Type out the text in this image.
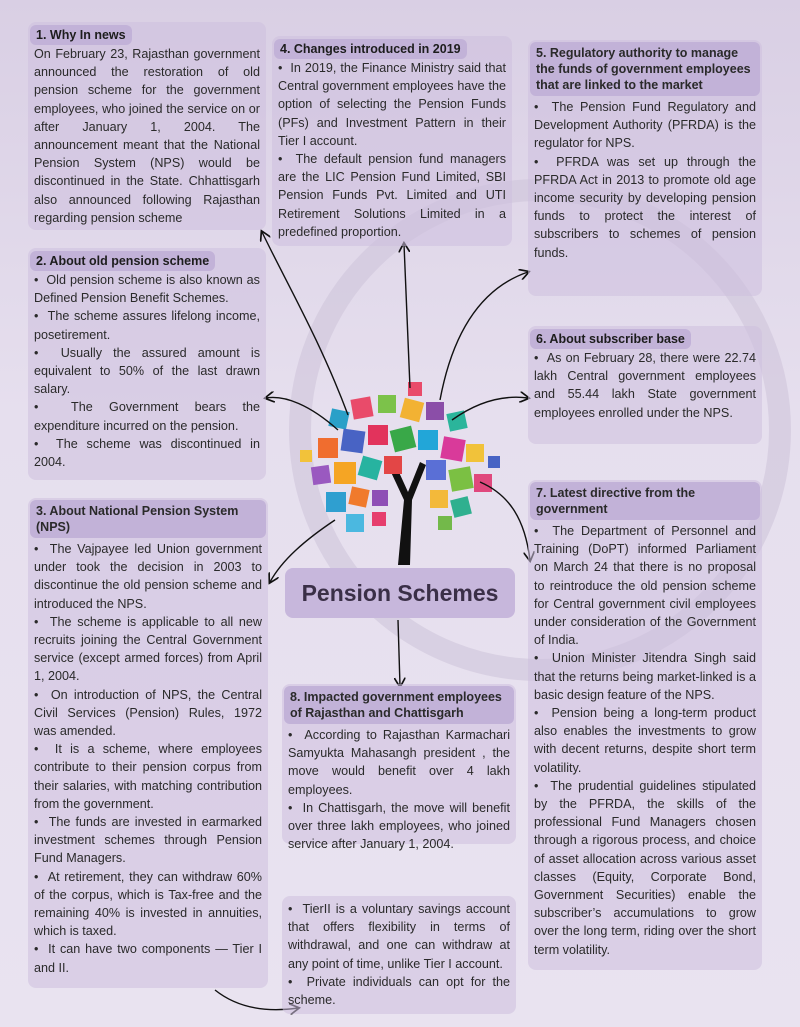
1. Why In news

On February 23, Rajasthan government announced the restoration of old pension scheme for the government employees, who joined the service on or after January 1, 2004. The announcement meant that the National Pension System (NPS) would be discontinued in the State. Chhattisgarh also announced following Rajasthan regarding pension scheme

2. About old pension scheme

•  Old pension scheme is also known as Defined Pension Benefit Schemes.

•  The scheme assures lifelong income, posetirement.

•  Usually the assured amount is equivalent to 50% of the last drawn salary.

•  The Government bears the expenditure incurred on the pension.

•  The scheme was discontinued in 2004.

3. About National Pension System (NPS)

•  The Vajpayee led Union government under took the decision in 2003 to discontinue the old pension scheme and introduced the NPS.

•  The scheme is applicable to all new recruits joining the Central Government service (except armed forces) from April 1, 2004.

•  On introduction of NPS, the Central Civil Services (Pension) Rules, 1972 was amended.

•  It is a scheme, where employees contribute to their pension corpus from their salaries, with matching contribution from the government.

•  The funds are invested in earmarked investment schemes through Pension Fund Managers.

•  At retirement, they can withdraw 60% of the corpus, which is Tax-free and the remaining 40% is invested in annuities, which is taxed.

•  It can have two components — Tier I and II.

4. Changes introduced in 2019

•  In 2019, the Finance Ministry said that Central government employees have the option of selecting the Pension Funds (PFs) and Investment Pattern in their Tier I account.

•  The default pension fund managers are the LIC Pension Fund Limited, SBI Pension Funds Pvt. Limited and UTI Retirement Solutions Limited in a predefined proportion.

5. Regulatory authority to manage the funds of government employees that are linked to the market

•  The Pension Fund Regulatory and Development Authority (PFRDA) is the regulator for NPS.

•  PFRDA was set up through the PFRDA Act in 2013 to promote old age income security by developing pension funds to protect the interest of subscribers to schemes of pension funds.

6. About subscriber base

•  As on February 28, there were 22.74 lakh Central government employees and 55.44 lakh State government employees enrolled under the NPS.

7. Latest directive from the government

•  The Department of Personnel and Training (DoPT) informed Parliament on March 24 that there is no proposal to reintroduce the old pension scheme for Central government civil employees under consideration of the Government of India.

•  Union Minister Jitendra Singh said that the returns being market-linked is a basic design feature of the NPS.

•  Pension being a long-term product also enables the investments to grow with decent returns, despite short term volatility.

•  The prudential guidelines stipulated by the PFRDA, the skills of the professional Fund Managers chosen through a rigorous process, and choice of asset allocation across various asset classes (Equity, Corporate Bond, Government Securities) enable the subscriber’s accumulations to grow over the long term, riding over the short term volatility.

Pension Schemes
8. Impacted government employees of Rajasthan and Chattisgarh

•  According to Rajasthan Karmachari Samyukta Mahasangh president , the move would benefit over 4 lakh employees.

•  In Chattisgarh, the move will benefit over three lakh employees, who joined service after January 1, 2004.

•  TierII is a voluntary savings account that offers flexibility in terms of withdrawal, and one can withdraw at any point of time, unlike Tier I account.

•  Private individuals can opt for the scheme.
